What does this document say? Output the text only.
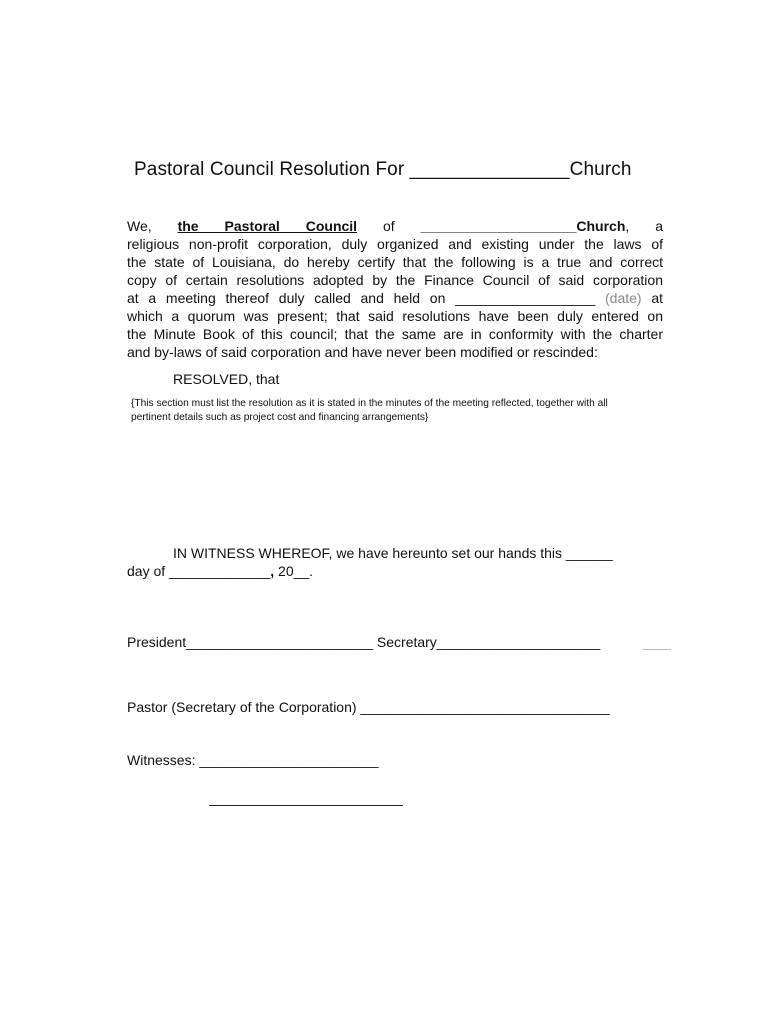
Pastoral Council Resolution For _______________Church
We, the Pastoral Council of ____________________Church, a
religious non-profit corporation, duly organized and existing under the laws of
the state of Louisiana, do hereby certify that the following is a true and correct
copy of certain resolutions adopted by the Finance Council of said corporation
at a meeting thereof duly called and held on __________________ (date) at
which a quorum was present; that said resolutions have been duly entered on
the Minute Book of this council; that the same are in conformity with the charter
and by-laws of said corporation and have never been modified or rescinded:
RESOLVED, that
{This section must list the resolution as it is stated in the minutes of the meeting reflected, together with all
pertinent details such as project cost and financing arrangements}
IN WITNESS WHEREOF, we have hereunto set our hands this ______
day of _____________, 20__.
President________________________ Secretary_____________________
Pastor (Secretary of the Corporation) ________________________________
Witnesses: _______________________
